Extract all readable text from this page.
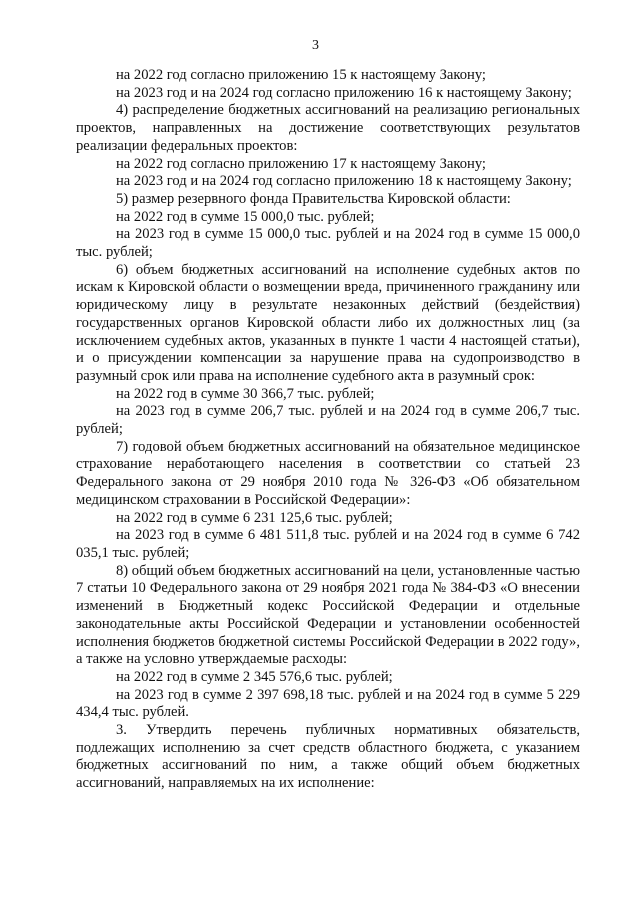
3

на 2022 год согласно приложению 15 к настоящему Закону;

на 2023 год и на 2024 год согласно приложению 16 к настоящему Закону;

4) распределение бюджетных ассигнований на реализацию региональных проектов, направленных на достижение соответствующих результатов реализации федеральных проектов:

на 2022 год согласно приложению 17 к настоящему Закону;

на 2023 год и на 2024 год согласно приложению 18 к настоящему Закону;

5) размер резервного фонда Правительства Кировской области:

на 2022 год в сумме 15 000,0 тыс. рублей;

на 2023 год в сумме 15 000,0 тыс. рублей и на 2024 год в сумме 15 000,0 тыс. рублей;

6) объем бюджетных ассигнований на исполнение судебных актов по искам к Кировской области о возмещении вреда, причиненного гражданину или юридическому лицу в результате незаконных действий (бездействия) государственных органов Кировской области либо их должностных лиц (за исключением судебных актов, указанных в пункте 1 части 4 настоящей статьи), и о присуждении компенсации за нарушение права на судопроизводство в разумный срок или права на исполнение судебного акта в разумный срок:

на 2022 год в сумме 30 366,7 тыс. рублей;

на 2023 год в сумме 206,7 тыс. рублей и на 2024 год в сумме 206,7 тыс. рублей;

7) годовой объем бюджетных ассигнований на обязательное медицинское страхование неработающего населения в соответствии со статьей 23 Федерального закона от 29 ноября 2010 года № 326-ФЗ «Об обязательном медицинском страховании в Российской Федерации»:

на 2022 год в сумме 6 231 125,6 тыс. рублей;

на 2023 год в сумме 6 481 511,8 тыс. рублей и на 2024 год в сумме 6 742 035,1 тыс. рублей;

8) общий объем бюджетных ассигнований на цели, установленные частью 7 статьи 10 Федерального закона от 29 ноября 2021 года № 384-ФЗ «О внесении изменений в Бюджетный кодекс Российской Федерации и отдельные законодательные акты Российской Федерации и установлении особенностей исполнения бюджетов бюджетной системы Российской Федерации в 2022 году», а также на условно утверждаемые расходы:

на 2022 год в сумме 2 345 576,6 тыс. рублей;

на 2023 год в сумме 2 397 698,18 тыс. рублей и на 2024 год в сумме 5 229 434,4 тыс. рублей.

3. Утвердить перечень публичных нормативных обязательств, подлежащих исполнению за счет средств областного бюджета, с указанием бюджетных ассигнований по ним, а также общий объем бюджетных ассигнований, направляемых на их исполнение:
